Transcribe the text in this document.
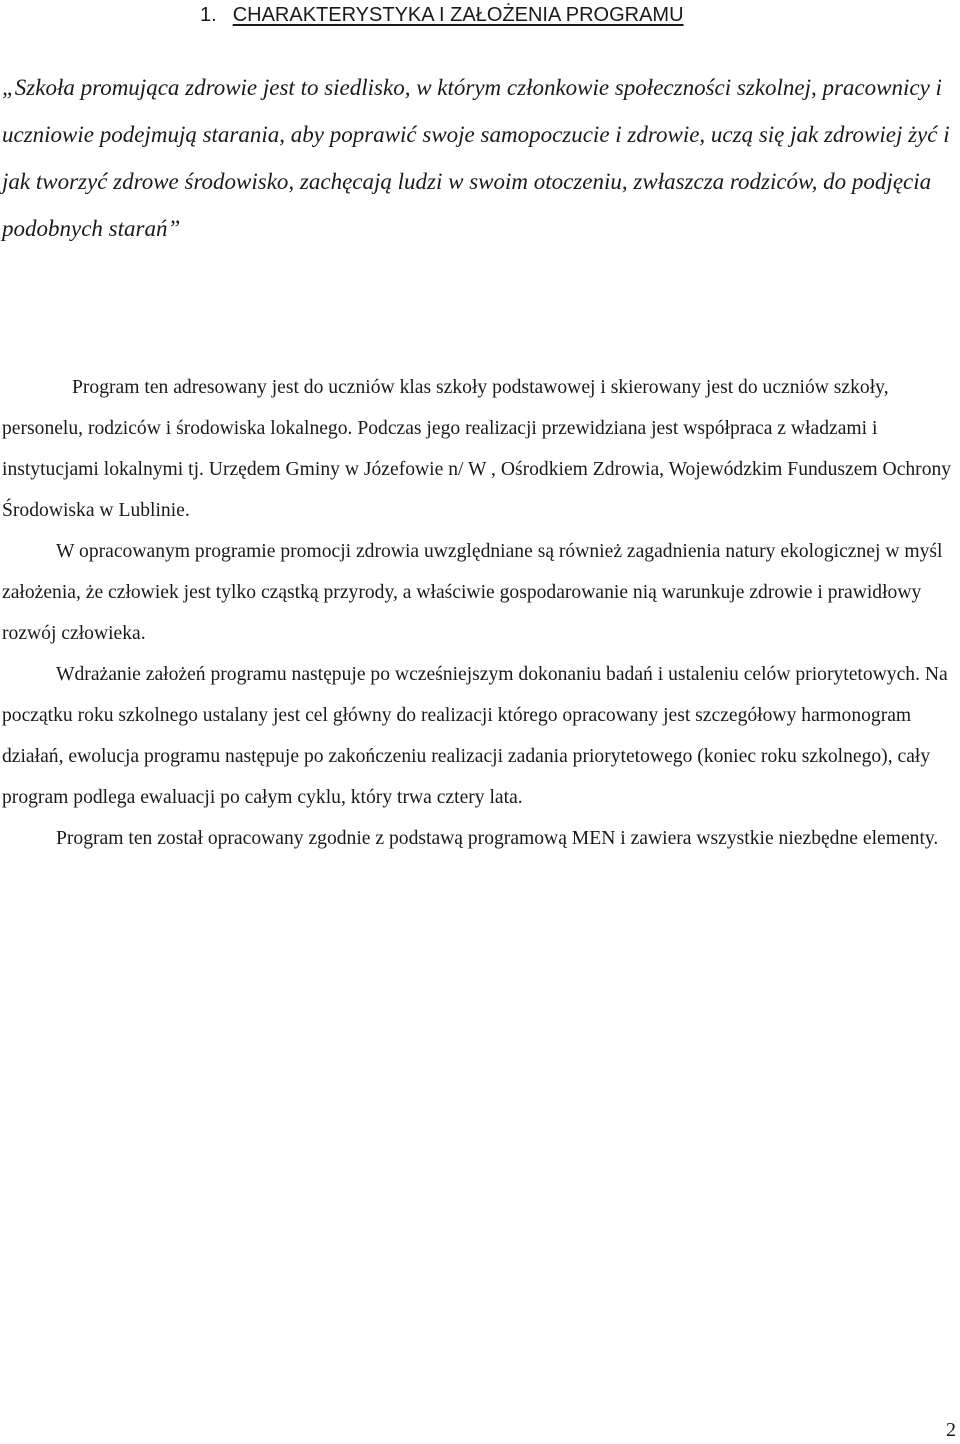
1. CHARAKTERYSTYKA I ZAŁOŻENIA PROGRAMU

„Szkoła promująca zdrowie jest to siedlisko, w którym członkowie społeczności szkolnej, pracownicy i uczniowie podejmują starania, aby poprawić swoje samopoczucie i zdrowie, uczą się jak zdrowiej żyć i jak tworzyć zdrowe środowisko, zachęcają ludzi w swoim otoczeniu, zwłaszcza rodziców, do podjęcia podobnych starań”

Program ten adresowany jest do uczniów klas szkoły podstawowej i skierowany jest do uczniów szkoły, personelu, rodziców i środowiska lokalnego. Podczas jego realizacji przewidziana jest współpraca z władzami i instytucjami lokalnymi tj. Urzędem Gminy w Józefowie n/ W , Ośrodkiem Zdrowia, Wojewódzkim Funduszem Ochrony Środowiska w Lublinie.

W opracowanym programie promocji zdrowia uwzględniane są również zagadnienia natury ekologicznej w myśl założenia, że człowiek jest tylko cząstką przyrody, a właściwie gospodarowanie nią warunkuje zdrowie i prawidłowy rozwój człowieka.

Wdrażanie założeń programu następuje po wcześniejszym dokonaniu badań i ustaleniu celów priorytetowych. Na początku roku szkolnego ustalany jest cel główny do realizacji którego opracowany jest szczegółowy harmonogram działań, ewolucja programu następuje po zakończeniu realizacji zadania priorytetowego (koniec roku szkolnego), cały program podlega ewaluacji po całym cyklu, który trwa cztery lata.

Program ten został opracowany zgodnie z podstawą programową MEN i zawiera wszystkie niezbędne elementy.

2
